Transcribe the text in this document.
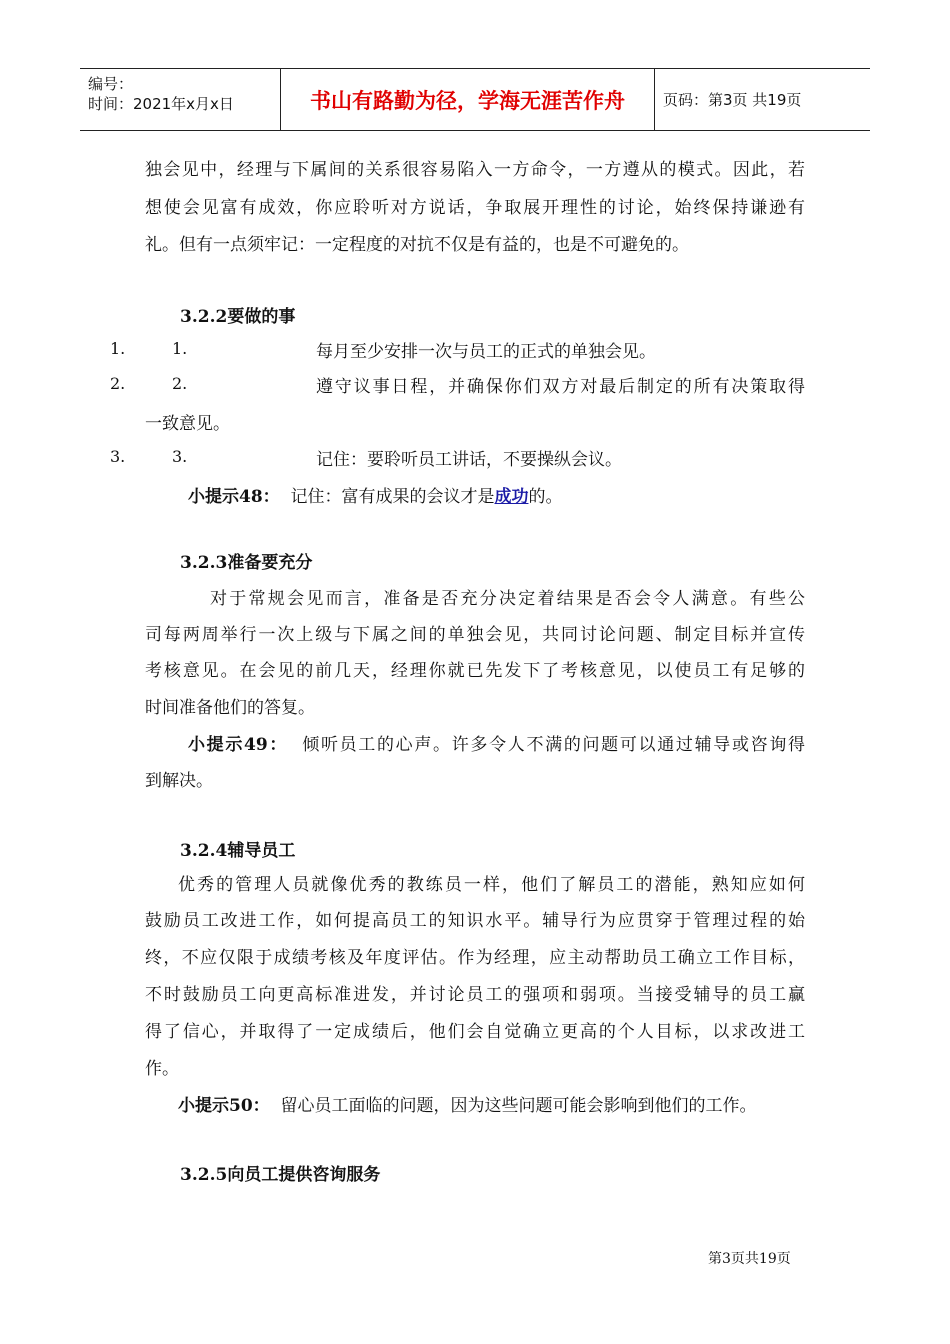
编号：
时间：2021年x月x日	书山有路勤为径，学海无涯苦作舟	页码：第3页 共19页
独会见中，经理与下属间的关系很容易陷入一方命令，一方遵从的模式。因此，若
想使会见富有成效，你应聆听对方说话，争取展开理性的讨论，始终保持谦逊有
礼。但有一点须牢记：一定程度的对抗不仅是有益的，也是不可避免的。
3.2.2要做的事
1.	1.	每月至少安排一次与员工的正式的单独会见。
2.	2.	遵守议事日程，并确保你们双方对最后制定的所有决策取得
一致意见。
3.	3.	记住：要聆听员工讲话，不要操纵会议。
小提示48： 记住：富有成果的会议才是成功的。
3.2.3准备要充分
对于常规会见而言，准备是否充分决定着结果是否会令人满意。有些公
司每两周举行一次上级与下属之间的单独会见，共同讨论问题、制定目标并宣传
考核意见。在会见的前几天，经理你就已先发下了考核意见，以使员工有足够的
时间准备他们的答复。
小提示49： 倾听员工的心声。许多令人不满的问题可以通过辅导或咨询得
到解决。
3.2.4辅导员工
优秀的管理人员就像优秀的教练员一样，他们了解员工的潜能，熟知应如何
鼓励员工改进工作，如何提高员工的知识水平。辅导行为应贯穿于管理过程的始
终，不应仅限于成绩考核及年度评估。作为经理，应主动帮助员工确立工作目标，
不时鼓励员工向更高标准进发，并讨论员工的强项和弱项。当接受辅导的员工赢
得了信心，并取得了一定成绩后，他们会自觉确立更高的个人目标，以求改进工
作。
小提示50： 留心员工面临的问题，因为这些问题可能会影响到他们的工作。
3.2.5向员工提供咨询服务
第3页共19页
